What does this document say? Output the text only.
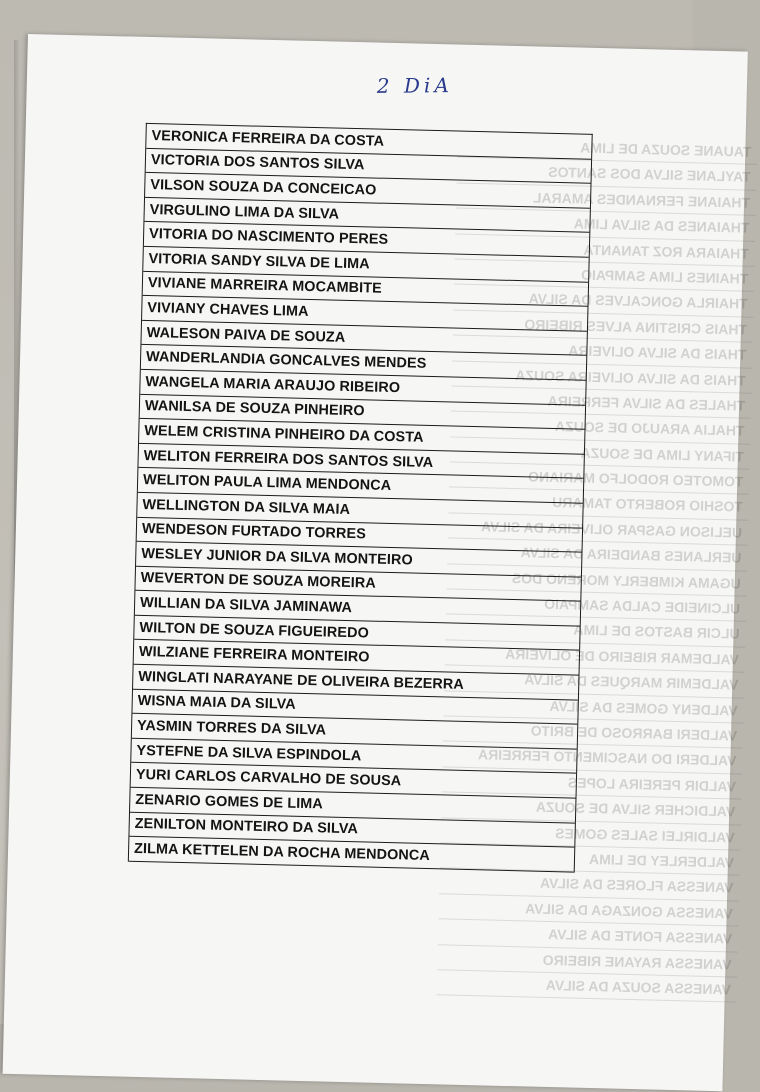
2 DiA
TAUANE SOUZA DE LIMA
TAYLANE SILVA DOS SANTOS
THAIANE FERNANDES AMARAL
THAIANES DA SILVA LIMA
THAIARA ROZ TANANTA
THAINES LIMA SAMPAIO
THAIRLA GONCALVES DA SILVA
THAIS CRISTINA ALVES RIBEIRO
THAIS DA SILVA OLIVEIRA
THAIS DA SILVA OLIVEIRA SOUZA
THALES DA SILVA FERREIRA
THALIA ARAUJO DE SOUZA
TIFANY LIMA DE SOUZA
TOMOTEO RODOLFO MARIANO
TOSHIO ROBERTO TAMARU
UELISON GASPAR OLIVEIRA DA SILVA
UERLANES BANDEIRA DA SILVA
UGAMA KIMBERLY MORENO DOS
ULCINEIDE CALDA SAMPAIO
ULCIR BASTOS DE LIMA
VALDEMAR RIBEIRO DE OLIVEIRA
VALDEMIR MARQUES DA SILVA
VALDENY GOMES DA SILVA
VALDERI BARROSO DE BRITO
VALDERI DO NASCIMENTO FERREIRA
VALDIR PEREIRA LOPES
VALDICHER SILVA DE SOUZA
VALDIRLEI SALES GOMES
VALDERLEY DE LIMA
VANESSA FLORES DA SILVA
VANESSA GONZAGA DA SILVA
VANESSA FONTE DA SILVA
VANESSA RAYANE RIBEIRO
VANESSA SOUZA DA SILVA
VERONICA FERREIRA DA COSTA
VICTORIA DOS SANTOS SILVA
VILSON SOUZA DA CONCEICAO
VIRGULINO LIMA DA SILVA
VITORIA DO NASCIMENTO PERES
VITORIA SANDY SILVA DE LIMA
VIVIANE MARREIRA MOCAMBITE
VIVIANY CHAVES LIMA
WALESON PAIVA DE SOUZA
WANDERLANDIA GONCALVES MENDES
WANGELA MARIA ARAUJO RIBEIRO
WANILSA DE SOUZA PINHEIRO
WELEM CRISTINA PINHEIRO DA COSTA
WELITON FERREIRA DOS SANTOS SILVA
WELITON PAULA LIMA MENDONCA
WELLINGTON DA SILVA MAIA
WENDESON FURTADO TORRES
WESLEY JUNIOR DA SILVA MONTEIRO
WEVERTON DE SOUZA MOREIRA
WILLIAN DA SILVA JAMINAWA
WILTON DE SOUZA FIGUEIREDO
WILZIANE FERREIRA MONTEIRO
WINGLATI NARAYANE DE OLIVEIRA BEZERRA
WISNA MAIA DA SILVA
YASMIN TORRES DA SILVA
YSTEFNE DA SILVA ESPINDOLA
YURI CARLOS CARVALHO DE SOUSA
ZENARIO GOMES DE LIMA
ZENILTON MONTEIRO DA SILVA
ZILMA KETTELEN DA ROCHA MENDONCA
